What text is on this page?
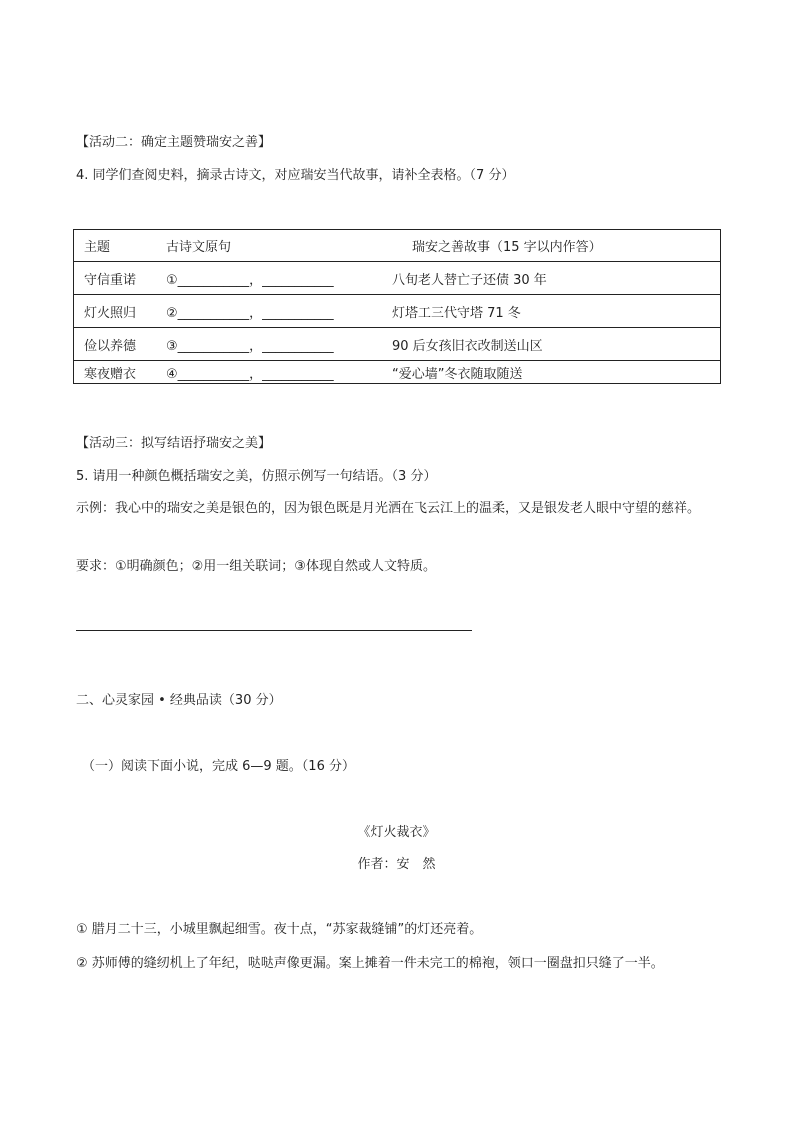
【活动二：确定主题赞瑞安之善】
4. 同学们查阅史料，摘录古诗文，对应瑞安当代故事，请补全表格。（7 分）
主题	古诗文原句	瑞安之善故事（15 字以内作答）
守信重诺	①___________，___________	八旬老人替亡子还债 30 年
灯火照归	②___________，___________	灯塔工三代守塔 71 冬
俭以养德	③___________，___________	90 后女孩旧衣改制送山区
寒夜赠衣	④___________，___________	“爱心墙”冬衣随取随送
【活动三：拟写结语抒瑞安之美】
5. 请用一种颜色概括瑞安之美，仿照示例写一句结语。（3 分）
示例：我心中的瑞安之美是银色的，因为银色既是月光洒在飞云江上的温柔，又是银发老人眼中守望的慈祥。
要求：①明确颜色；②用一组关联词；③体现自然或人文特质。
二、心灵家园 • 经典品读（30 分）
（一）阅读下面小说，完成 6—9 题。（16 分）
《灯火裁衣》
作者：安　然
① 腊月二十三，小城里飘起细雪。夜十点，“苏家裁缝铺”的灯还亮着。
② 苏师傅的缝纫机上了年纪，哒哒声像更漏。案上摊着一件未完工的棉袍，领口一圈盘扣只缝了一半。
